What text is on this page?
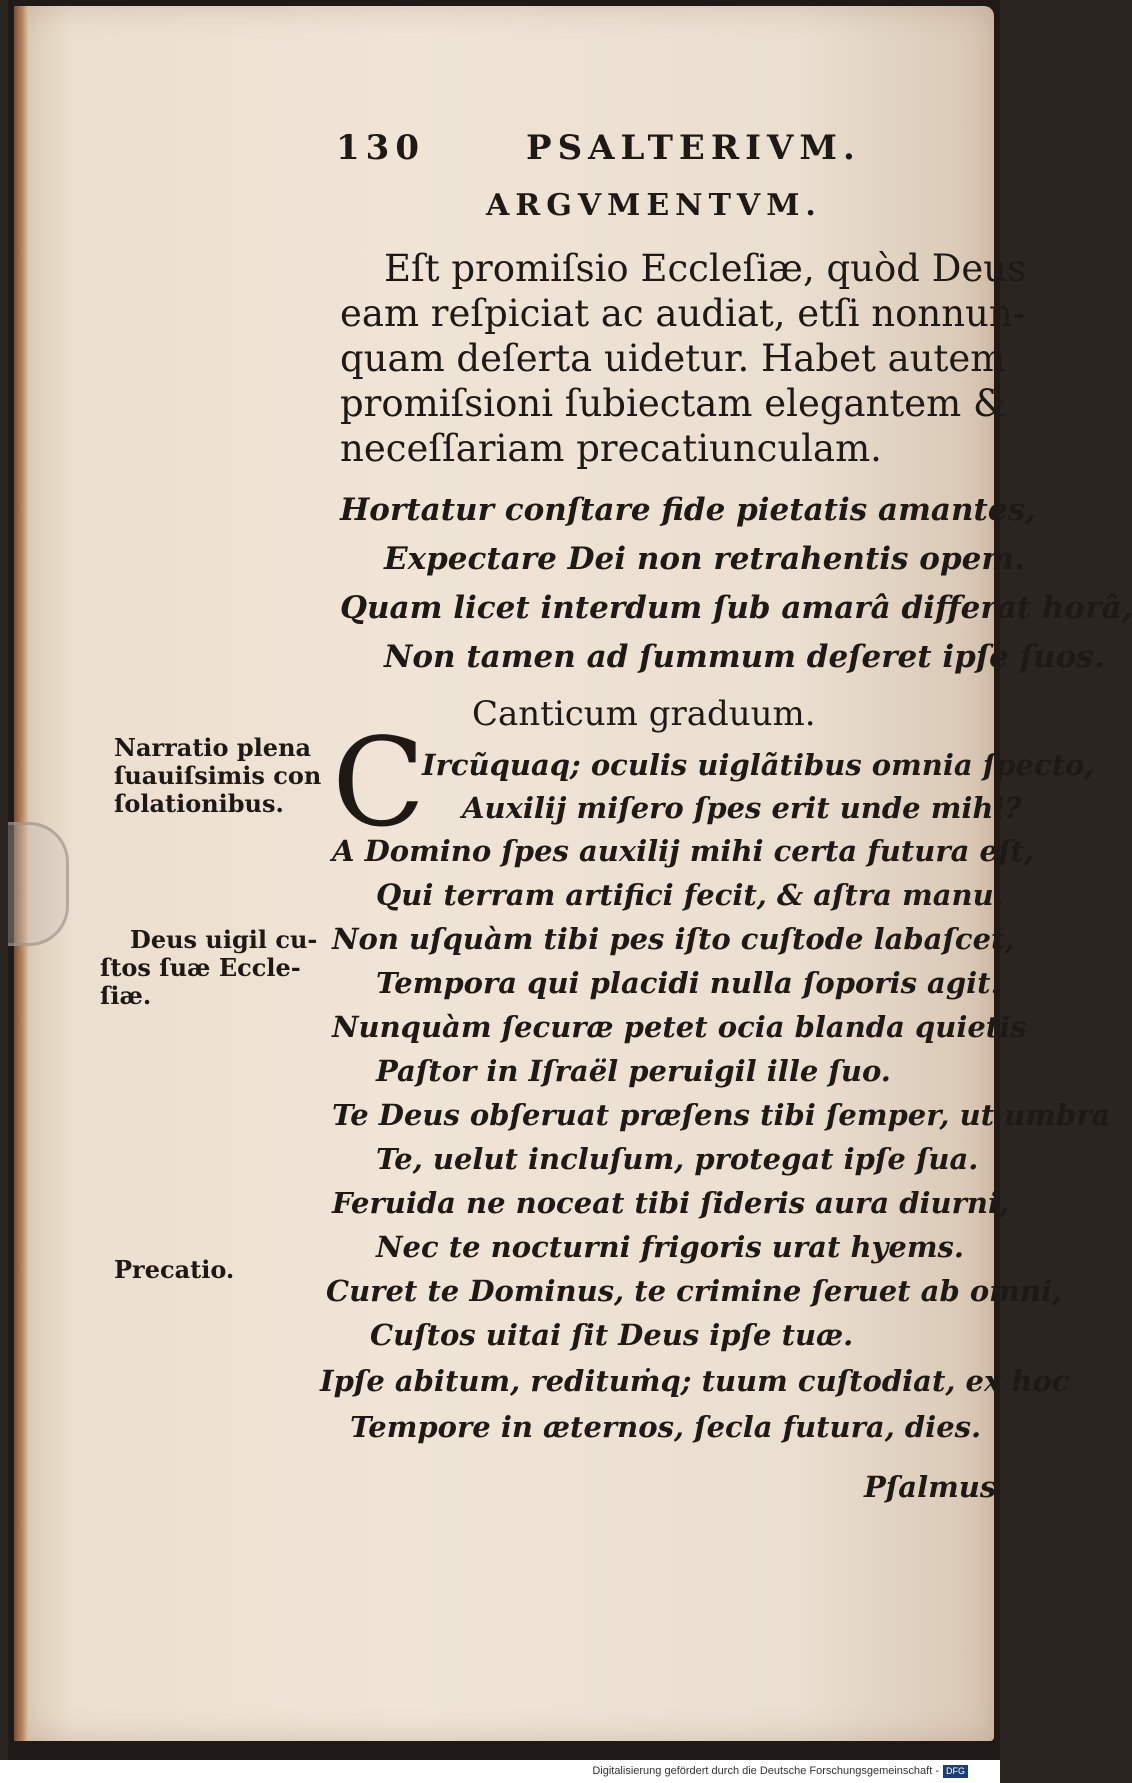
130	PSALTERIVM.
ARGVMENTVM.
Eſt promiſsio Eccleſiæ, quòd Deus
eam reſpiciat ac audiat, etſi nonnun-
quam deſerta uidetur. Habet autem
promiſsioni ſubiectam elegantem &
neceſſariam precatiunculam.
Hortatur conſtare fide pietatis amantes,
Expectare Dei non retrahentis opem.
Quam licet interdum ſub amarâ differat horâ,
Non tamen ad ſummum deſeret ipſe ſuos.
Canticum graduum.
C
Ircũquaq; oculis uiglãtibus omnia ſpecto,
Auxilij miſero ſpes erit unde mihi?
A Domino ſpes auxilij mihi certa futura eſt,
Qui terram artifici fecit, & aſtra manu.
Non uſquàm tibi pes iſto cuſtode labaſcet,
Tempora qui placidi nulla ſoporis agit.
Nunquàm ſecuræ petet ocia blanda quietis
Paſtor in Iſraël peruigil ille ſuo.
Te Deus obſeruat præſens tibi ſemper, ut umbra
Te, uelut incluſum, protegat ipſe ſua.
Feruida ne noceat tibi ſideris aura diurni,
Nec te nocturni frigoris urat hyems.
Curet te Dominus, te crimine ſeruet ab omni,
Cuſtos uitai ſit Deus ipſe tuæ.
Ipſe abitum, redituṁq; tuum cuſtodiat, ex hoc
Tempore in æternos, ſecla futura, dies.
Pſalmus
Narratio plena
ſuauiſsimis con
ſolationibus.
Deus uigil cu-
ſtos ſuæ Eccle-
ſiæ.
Precatio.
Digitalisierung gefördert durch die Deutsche Forschungsgemeinschaft - DFG
